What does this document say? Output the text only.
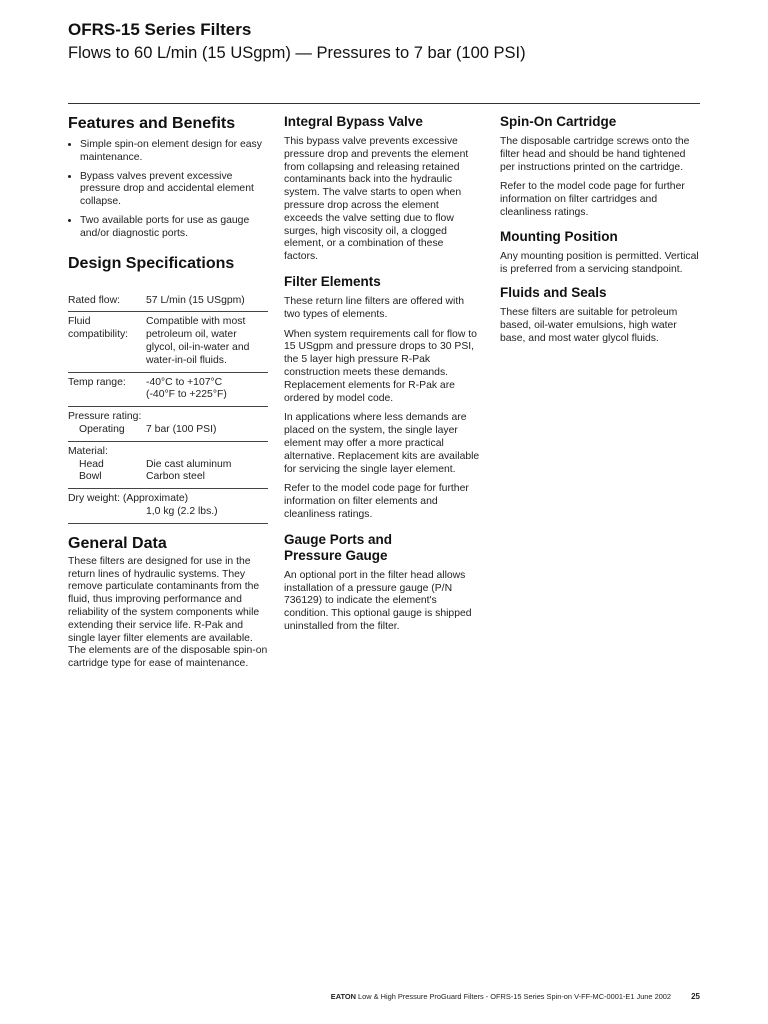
OFRS-15 Series Filters
Flows to 60 L/min (15 USgpm) — Pressures to 7 bar (100 PSI)
Features and Benefits
• Simple spin-on element design for easy maintenance.
• Bypass valves prevent excessive pressure drop and accidental element collapse.
• Two available ports for use as gauge and/or diagnostic ports.
Design Specifications
Rated flow:	57 L/min (15 USgpm)

Fluid
compatibility:	Compatible with most petroleum oil, water glycol, oil-in-water and water-in-oil fluids.
Temp range:	-40°C to +107°C
(-40°F to +225°F)

Pressure rating:
Operating 7 bar (100 PSI)	

Material:
Head Die cast aluminum
Bowl Carbon steel	

Dry weight: (Approximate)
1,0 kg (2.2 lbs.)	
General Data

These filters are designed for use in the return lines of hydraulic systems. They remove particulate contaminants from the fluid, thus improving performance and reliability of the system components while extending their service life. R-Pak and single layer filter elements are available. The elements are of the disposable spin-on cartridge type for ease of maintenance.

Integral Bypass Valve

This bypass valve prevents excessive pressure drop and prevents the element from collapsing and releasing retained contaminants back into the hydraulic system. The valve starts to open when pressure drop across the element exceeds the valve setting due to flow surges, high viscosity oil, a clogged element, or a combination of these factors.

Filter Elements

These return line filters are offered with two types of elements.

When system requirements call for flow to 15 USgpm and pressure drops to 30 PSI, the 5 layer high pressure R-Pak construction meets these demands. Replacement elements for R-Pak are ordered by model code.

In applications where less demands are placed on the system, the single layer element may offer a more practical alternative. Replacement kits are available for servicing the single layer element.

Refer to the model code page for further information on filter elements and cleanliness ratings.

Gauge Ports and
Pressure Gauge

An optional port in the filter head allows installation of a pressure gauge (P/N 736129) to indicate the element's condition. This optional gauge is shipped uninstalled from the filter.

Spin-On Cartridge

The disposable cartridge screws onto the filter head and should be hand tightened per instructions printed on the cartridge.

Refer to the model code page for further information on filter cartridges and cleanliness ratings.

Mounting Position

Any mounting position is permitted. Vertical is preferred from a servicing standpoint.

Fluids and Seals

These filters are suitable for petroleum based, oil-water emulsions, high water base, and most water glycol fluids.

EATON Low & High Pressure ProGuard Filters - OFRS-15 Series Spin-on V-FF-MC-0001-E1 June 2002	25
